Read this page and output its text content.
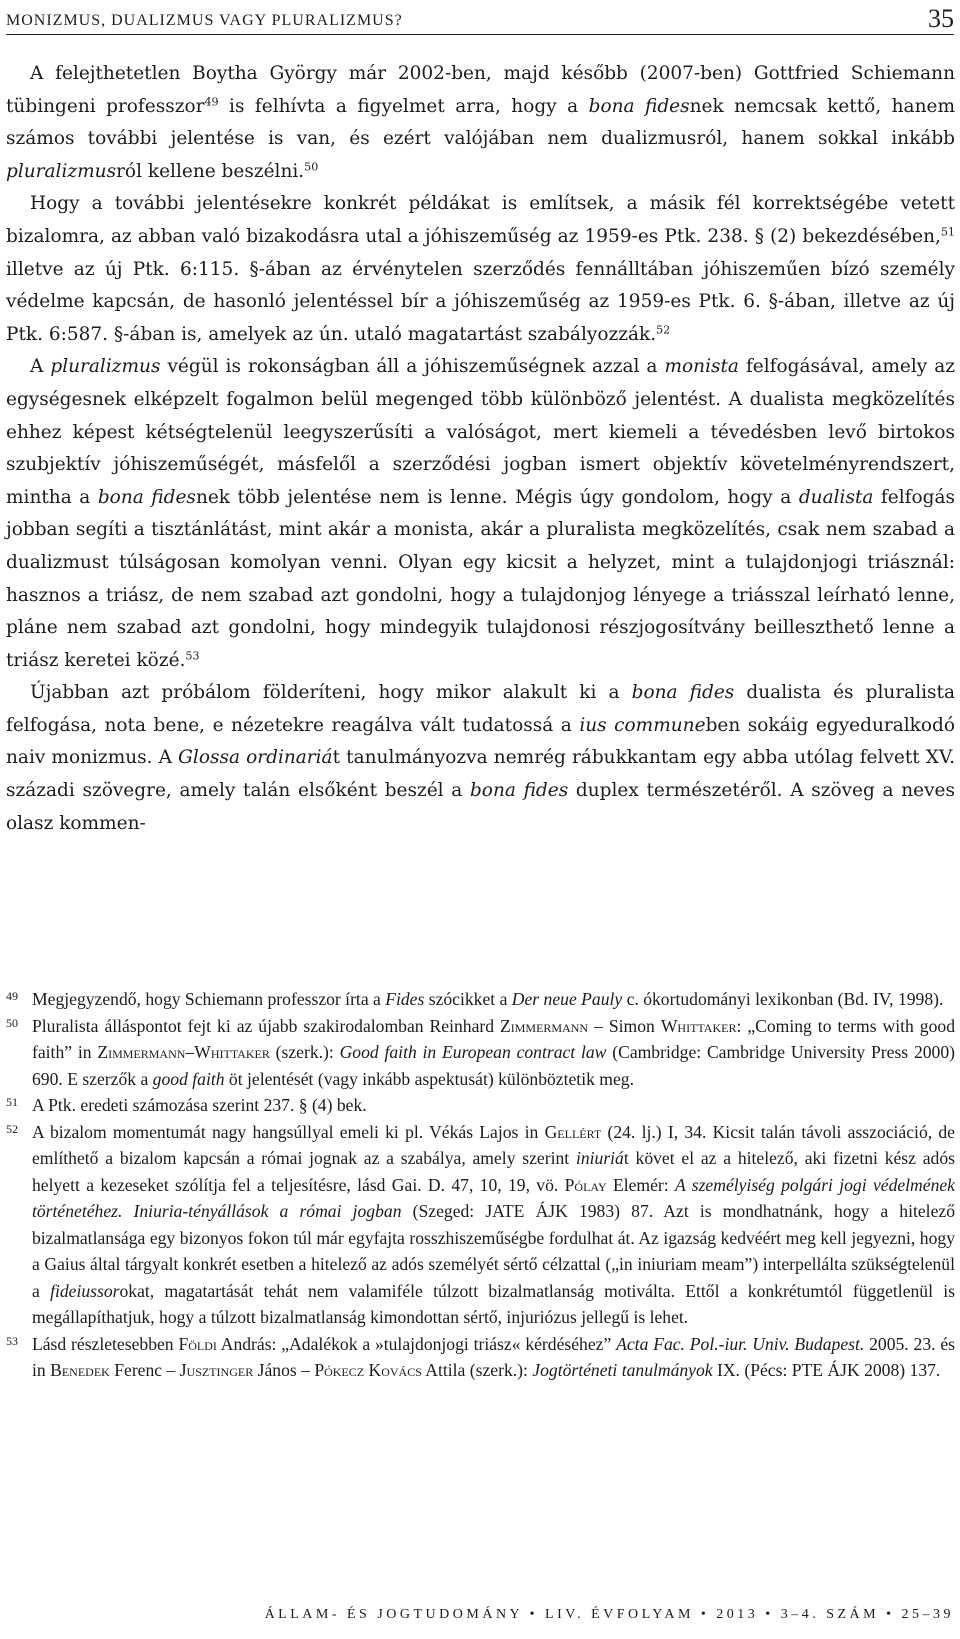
MONIZMUS, DUALIZMUS VAGY PLURALIZMUS?	35

A felejthetetlen Boytha György már 2002-ben, majd később (2007-ben) Gottfried Schiemann tübingeni professzor$^{49}$ is felhívta a figyelmet arra, hogy a bona fidesnek nemcsak kettő, hanem számos további jelentése is van, és ezért valójában nem dualizmusról, hanem sokkal inkább pluralizmusról kellene beszélni.$^{50}$

Hogy a további jelentésekre konkrét példákat is említsek, a másik fél korrektségébe vetett bizalomra, az abban való bizakodásra utal a jóhiszeműség az 1959-es Ptk. 238. § (2) bekezdésében,$^{51}$ illetve az új Ptk. 6:115. §-ában az érvénytelen szerződés fennálltában jóhiszeműen bízó személy védelme kapcsán, de hasonló jelentéssel bír a jóhiszeműség az 1959-es Ptk. 6. §-ában, illetve az új Ptk. 6:587. §-ában is, amelyek az ún. utaló magatartást szabályozzák.$^{52}$

A pluralizmus végül is rokonságban áll a jóhiszeműségnek azzal a monista felfogásával, amely az egységesnek elképzelt fogalmon belül megenged több különböző jelentést. A dualista megközelítés ehhez képest kétségtelenül leegyszerűsíti a valóságot, mert kiemeli a tévedésben levő birtokos szubjektív jóhiszeműségét, másfelől a szerződési jogban ismert objektív követelményrendszert, mintha a bona fidesnek több jelentése nem is lenne. Mégis úgy gondolom, hogy a dualista felfogás jobban segíti a tisztánlátást, mint akár a monista, akár a pluralista megközelítés, csak nem szabad a dualizmust túlságosan komolyan venni. Olyan egy kicsit a helyzet, mint a tulajdonjogi triásznál: hasznos a triász, de nem szabad azt gondolni, hogy a tulajdonjog lényege a triásszal leírható lenne, pláne nem szabad azt gondolni, hogy mindegyik tulajdonosi részjogosítvány beilleszthető lenne a triász keretei közé.$^{53}$

Újabban azt próbálom földeríteni, hogy mikor alakult ki a bona fides dualista és pluralista felfogása, nota bene, e nézetekre reagálva vált tudatossá a ius communeben sokáig egyeduralkodó naiv monizmus. A Glossa ordinariát tanulmányozva nemrég rábukkantam egy abba utólag felvett XV. századi szövegre, amely talán elsőként beszél a bona fides duplex természetéről. A szöveg a neves olasz kommen-

49 Megjegyzendő, hogy Schiemann professzor írta a Fides szócikket a Der neue Pauly c. ókortudományi lexikonban (Bd. IV, 1998).

50 Pluralista álláspontot fejt ki az újabb szakirodalomban Reinhard Zimmermann – Simon Whittaker: „Coming to terms with good faith” in Zimmermann–Whittaker (szerk.): Good faith in European contract law (Cambridge: Cambridge University Press 2000) 690. E szerzők a good faith öt jelentését (vagy inkább aspektusát) különböztetik meg.

51 A Ptk. eredeti számozása szerint 237. § (4) bek.

52 A bizalom momentumát nagy hangsúllyal emeli ki pl. Vékás Lajos in Gellért (24. lj.) I, 34. Kicsit talán távoli asszociáció, de említhető a bizalom kapcsán a római jognak az a szabálya, amely szerint iniuriát követ el az a hitelező, aki fizetni kész adós helyett a kezeseket szólítja fel a teljesítésre, lásd Gai. D. 47, 10, 19, vö. Pólay Elemér: A személyiség polgári jogi védelmének történetéhez. Iniuria-tényállások a római jogban (Szeged: JATE ÁJK 1983) 87. Azt is mondhatnánk, hogy a hitelező bizalmatlansága egy bizonyos fokon túl már egyfajta rosszhiszeműségbe fordulhat át. Az igazság kedvéért meg kell jegyezni, hogy a Gaius által tárgyalt konkrét esetben a hitelező az adós személyét sértő célzattal („in iniuriam meam”) interpellálta szükségtelenül a fideiussorokat, magatartását tehát nem valamiféle túlzott bizalmatlanság motiválta. Ettől a konkrétumtól függetlenül is megállapíthatjuk, hogy a túlzott bizalmatlanság kimondottan sértő, injuriózus jellegű is lehet.

53 Lásd részletesebben Földi András: „Adalékok a »tulajdonjogi triász« kérdéséhez” Acta Fac. Pol.-iur. Univ. Budapest. 2005. 23. és in Benedek Ferenc – Jusztinger János – Pókecz Kovács Attila (szerk.): Jogtörténeti tanulmányok IX. (Pécs: PTE ÁJK 2008) 137.

ÁLLAM- ÉS JOGTUDOMÁNY • LIV. ÉVFOLYAM • 2013 • 3–4. SZÁM • 25–39
